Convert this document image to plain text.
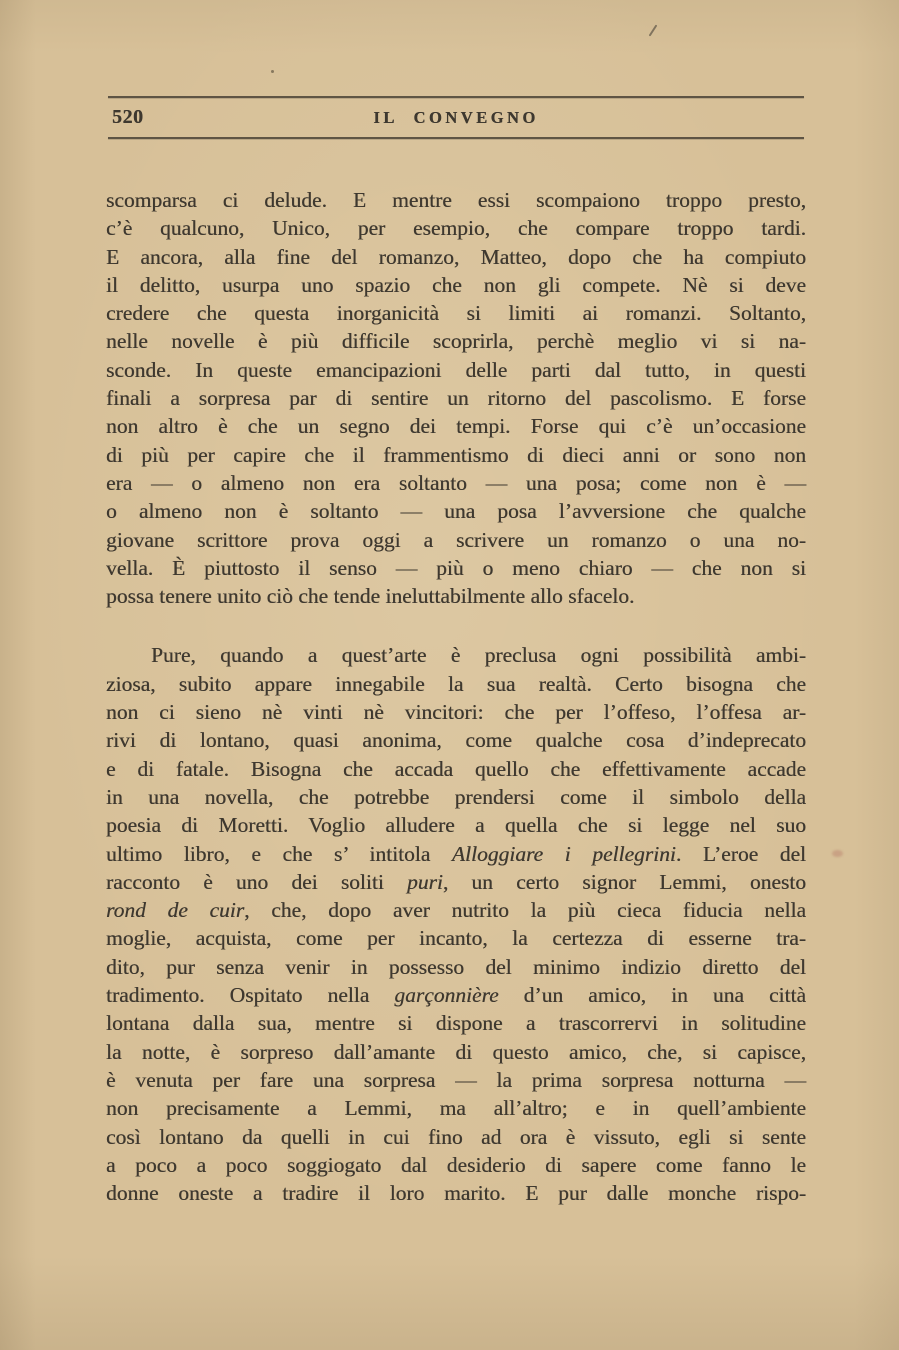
520	IL CONVEGNO
scomparsa ci delude. E mentre essi scompaiono troppo presto,
c’è qualcuno, Unico, per esempio, che compare troppo tardi.
E ancora, alla fine del romanzo, Matteo, dopo che ha compiuto
il delitto, usurpa uno spazio che non gli compete. Nè si deve
credere che questa inorganicità si limiti ai romanzi. Soltanto,
nelle novelle è più difficile scoprirla, perchè meglio vi si na-
sconde. In queste emancipazioni delle parti dal tutto, in questi
finali a sorpresa par di sentire un ritorno del pascolismo. E forse
non altro è che un segno dei tempi. Forse qui c’è un’occasione
di più per capire che il frammentismo di dieci anni or sono non
era — o almeno non era soltanto — una posa; come non è —
o almeno non è soltanto — una posa l’avversione che qualche
giovane scrittore prova oggi a scrivere un romanzo o una no-
vella. È piuttosto il senso — più o meno chiaro — che non si
possa tenere unito ciò che tende ineluttabilmente allo sfacelo.
Pure, quando a quest’arte è preclusa ogni possibilità ambi-
ziosa, subito appare innegabile la sua realtà. Certo bisogna che
non ci sieno nè vinti nè vincitori: che per l’offeso, l’offesa ar-
rivi di lontano, quasi anonima, come qualche cosa d’indeprecato
e di fatale. Bisogna che accada quello che effettivamente accade
in una novella, che potrebbe prendersi come il simbolo della
poesia di Moretti. Voglio alludere a quella che si legge nel suo
ultimo libro, e che s’ intitola Alloggiare i pellegrini. L’eroe del
racconto è uno dei soliti puri, un certo signor Lemmi, onesto
rond de cuir, che, dopo aver nutrito la più cieca fiducia nella
moglie, acquista, come per incanto, la certezza di esserne tra-
dito, pur senza venir in possesso del minimo indizio diretto del
tradimento. Ospitato nella garçonnière d’un amico, in una città
lontana dalla sua, mentre si dispone a trascorrervi in solitudine
la notte, è sorpreso dall’amante di questo amico, che, si capisce,
è venuta per fare una sorpresa — la prima sorpresa notturna —
non precisamente a Lemmi, ma all’altro; e in quell’ambiente
così lontano da quelli in cui fino ad ora è vissuto, egli si sente
a poco a poco soggiogato dal desiderio di sapere come fanno le
donne oneste a tradire il loro marito. E pur dalle monche rispo-
